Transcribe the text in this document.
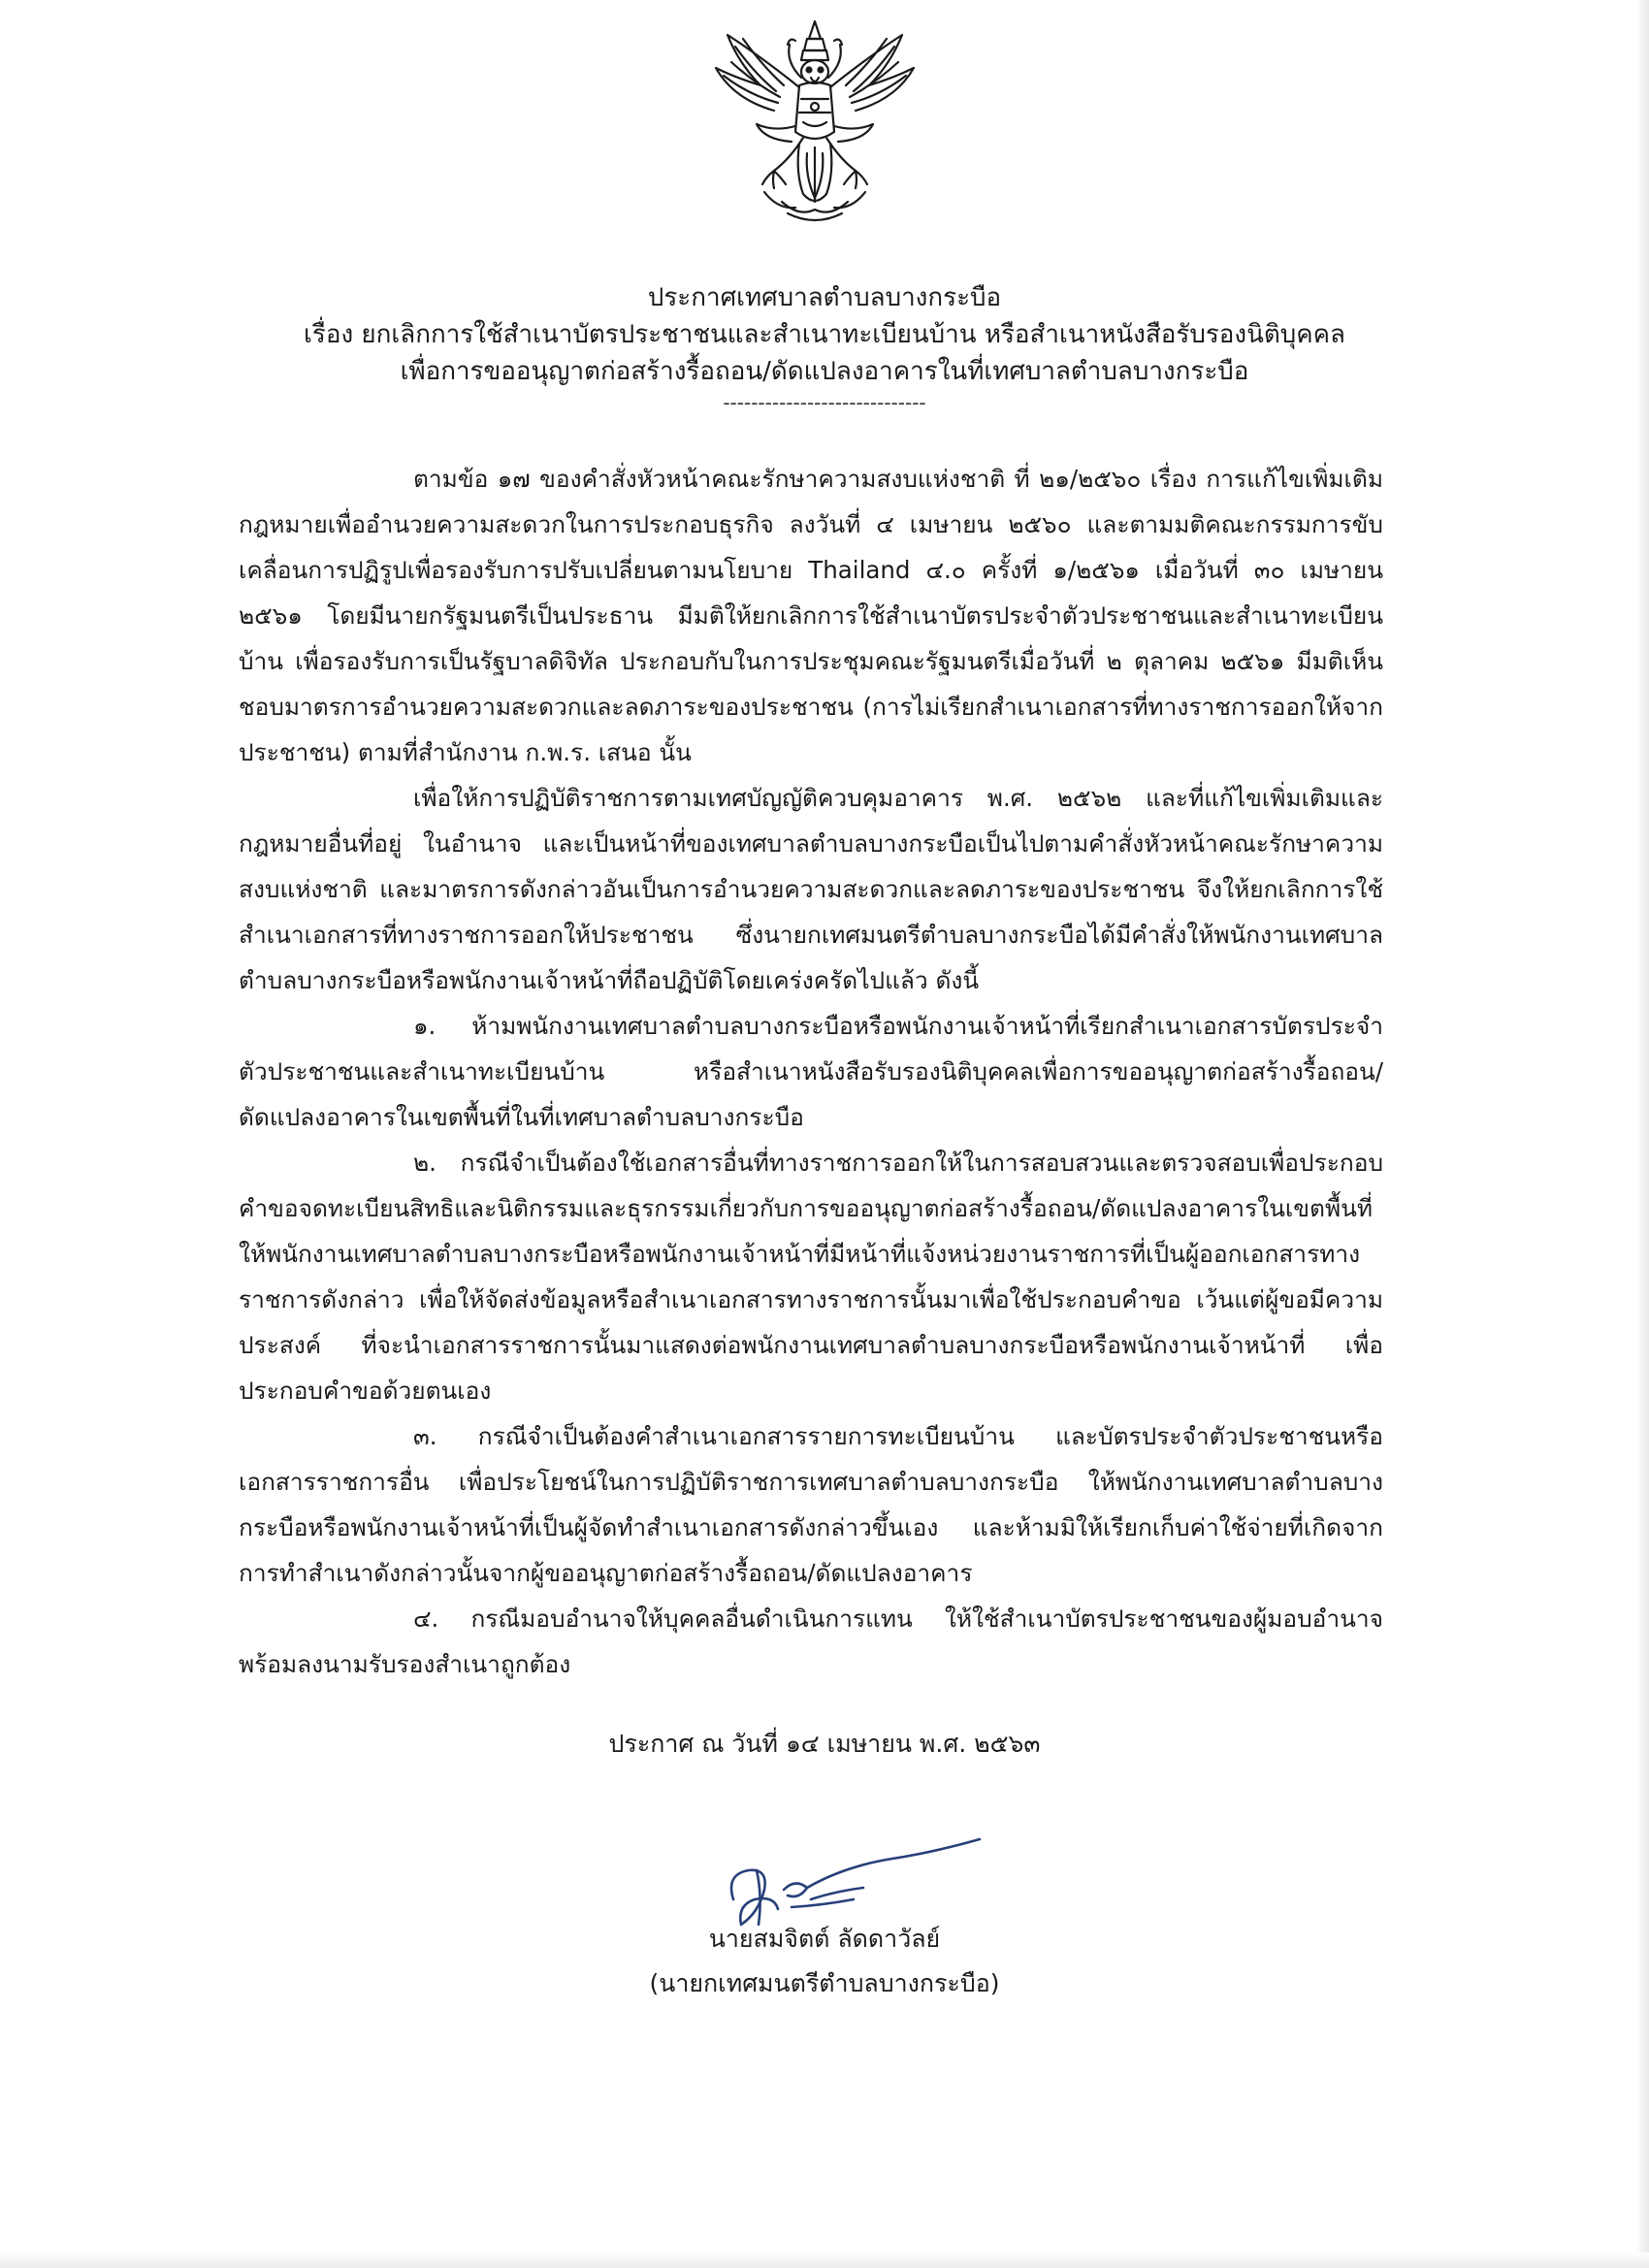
ประกาศเทศบาลตำบลบางกระบือ
เรื่อง ยกเลิกการใช้สำเนาบัตรประชาชนและสำเนาทะเบียนบ้าน หรือสำเนาหนังสือรับรองนิติบุคคล
เพื่อการขออนุญาตก่อสร้างรื้อถอน/ดัดแปลงอาคารในที่เทศบาลตำบลบางกระบือ
-----------------------------

ตามข้อ ๑๗ ของคำสั่งหัวหน้าคณะรักษาความสงบแห่งชาติ ที่ ๒๑/๒๕๖๐ เรื่อง การแก้ไขเพิ่มเติมกฎหมายเพื่ออำนวยความสะดวกในการประกอบธุรกิจ ลงวันที่ ๔ เมษายน ๒๕๖๐ และตามมติคณะกรรมการขับเคลื่อนการปฏิรูปเพื่อรองรับการปรับเปลี่ยนตามนโยบาย Thailand ๔.๐ ครั้งที่ ๑/๒๕๖๑ เมื่อวันที่ ๓๐ เมษายน ๒๕๖๑ โดยมีนายกรัฐมนตรีเป็นประธาน มีมติให้ยกเลิกการใช้สำเนาบัตรประจำตัวประชาชนและสำเนาทะเบียนบ้าน เพื่อรองรับการเป็นรัฐบาลดิจิทัล ประกอบกับในการประชุมคณะรัฐมนตรีเมื่อวันที่ ๒ ตุลาคม ๒๕๖๑ มีมติเห็นชอบมาตรการอำนวยความสะดวกและลดภาระของประชาชน (การไม่เรียกสำเนาเอกสารที่ทางราชการออกให้จากประชาชน) ตามที่สำนักงาน ก.พ.ร. เสนอ นั้น

เพื่อให้การปฏิบัติราชการตามเทศบัญญัติควบคุมอาคาร พ.ศ. ๒๕๖๒ และที่แก้ไขเพิ่มเติมและกฎหมายอื่นที่อยู่ ในอำนาจ และเป็นหน้าที่ของเทศบาลตำบลบางกระบือเป็นไปตามคำสั่งหัวหน้าคณะรักษาความสงบแห่งชาติ และมาตรการดังกล่าวอันเป็นการอำนวยความสะดวกและลดภาระของประชาชน จึงให้ยกเลิกการใช้สำเนาเอกสารที่ทางราชการออกให้ประชาชน ซึ่งนายกเทศมนตรีตำบลบางกระบือได้มีคำสั่งให้พนักงานเทศบาลตำบลบางกระบือหรือพนักงานเจ้าหน้าที่ถือปฏิบัติโดยเคร่งครัดไปแล้ว ดังนี้

๑. ห้ามพนักงานเทศบาลตำบลบางกระบือหรือพนักงานเจ้าหน้าที่เรียกสำเนาเอกสารบัตรประจำตัวประชาชนและสำเนาทะเบียนบ้าน หรือสำเนาหนังสือรับรองนิติบุคคลเพื่อการขออนุญาตก่อสร้างรื้อถอน/ดัดแปลงอาคารในเขตพื้นที่ในที่เทศบาลตำบลบางกระบือ

๒. กรณีจำเป็นต้องใช้เอกสารอื่นที่ทางราชการออกให้ในการสอบสวนและตรวจสอบเพื่อประกอบคำขอจดทะเบียนสิทธิและนิติกรรมและธุรกรรมเกี่ยวกับการขออนุญาตก่อสร้างรื้อถอน/ดัดแปลงอาคารในเขตพื้นที่ ให้พนักงานเทศบาลตำบลบางกระบือหรือพนักงานเจ้าหน้าที่มีหน้าที่แจ้งหน่วยงานราชการที่เป็นผู้ออกเอกสารทางราชการดังกล่าว เพื่อให้จัดส่งข้อมูลหรือสำเนาเอกสารทางราชการนั้นมาเพื่อใช้ประกอบคำขอ เว้นแต่ผู้ขอมีความประสงค์ ที่จะนำเอกสารราชการนั้นมาแสดงต่อพนักงานเทศบาลตำบลบางกระบือหรือพนักงานเจ้าหน้าที่ เพื่อประกอบคำขอด้วยตนเอง

๓. กรณีจำเป็นต้องคำสำเนาเอกสารรายการทะเบียนบ้าน และบัตรประจำตัวประชาชนหรือเอกสารราชการอื่น เพื่อประโยชน์ในการปฏิบัติราชการเทศบาลตำบลบางกระบือ ให้พนักงานเทศบาลตำบลบางกระบือหรือพนักงานเจ้าหน้าที่เป็นผู้จัดทำสำเนาเอกสารดังกล่าวขึ้นเอง และห้ามมิให้เรียกเก็บค่าใช้จ่ายที่เกิดจากการทำสำเนาดังกล่าวนั้นจากผู้ขออนุญาตก่อสร้างรื้อถอน/ดัดแปลงอาคาร

๔. กรณีมอบอำนาจให้บุคคลอื่นดำเนินการแทน ให้ใช้สำเนาบัตรประชาชนของผู้มอบอำนาจพร้อมลงนามรับรองสำเนาถูกต้อง

ประกาศ ณ วันที่ ๑๔ เมษายน พ.ศ. ๒๕๖๓
นายสมจิตต์ ลัดดาวัลย์
(นายกเทศมนตรีตำบลบางกระบือ)
